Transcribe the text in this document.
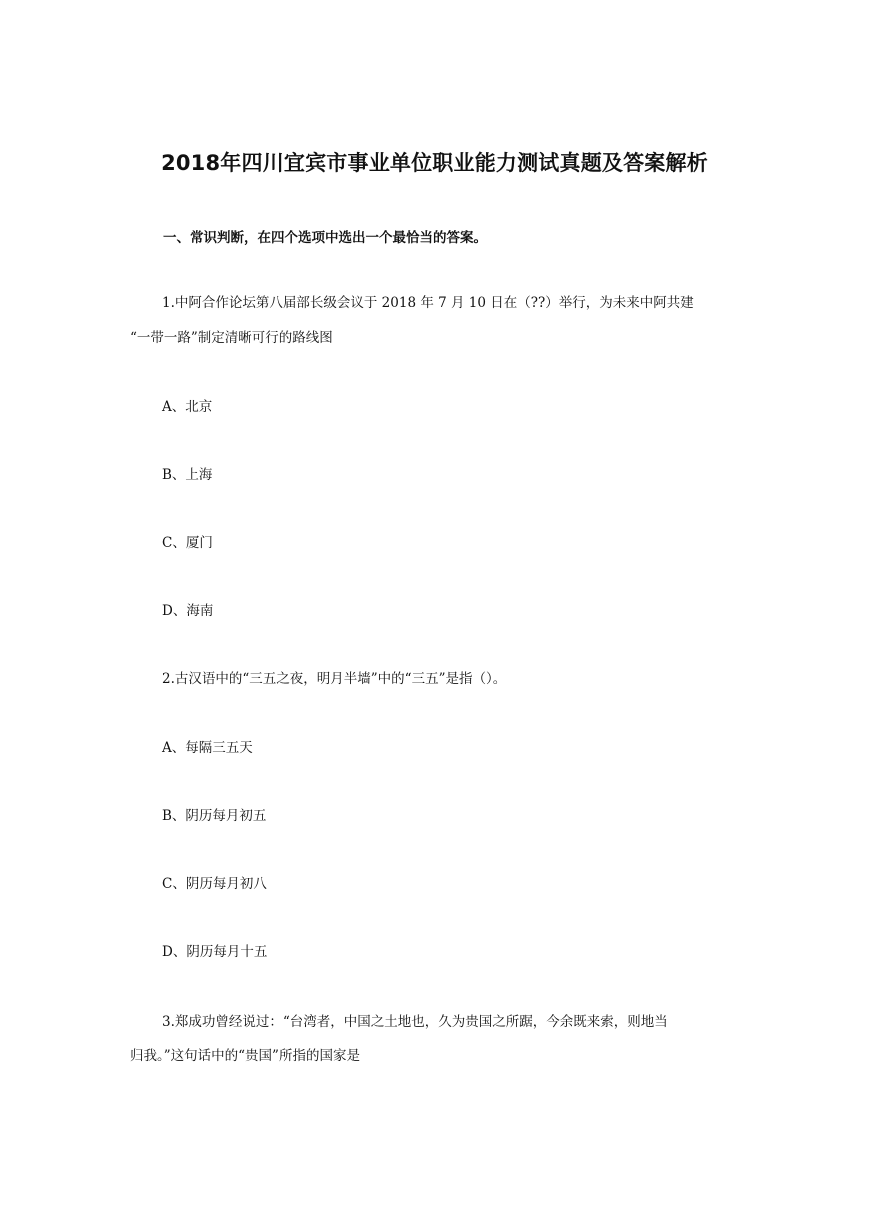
2018年四川宜宾市事业单位职业能力测试真题及答案解析
一、常识判断，在四个选项中选出一个最恰当的答案。
1.中阿合作论坛第八届部长级会议于 2018 年 7 月 10 日在（??）举行，为未来中阿共建
“一带一路”制定清晰可行的路线图
A、北京
B、上海
C、厦门
D、海南
2.古汉语中的“三五之夜，明月半墙”中的“三五”是指（）。
A、每隔三五天
B、阴历每月初五
C、阴历每月初八
D、阴历每月十五
3.郑成功曾经说过：“台湾者，中国之土地也，久为贵国之所踞，今余既来索，则地当
归我。”这句话中的“贵国”所指的国家是
